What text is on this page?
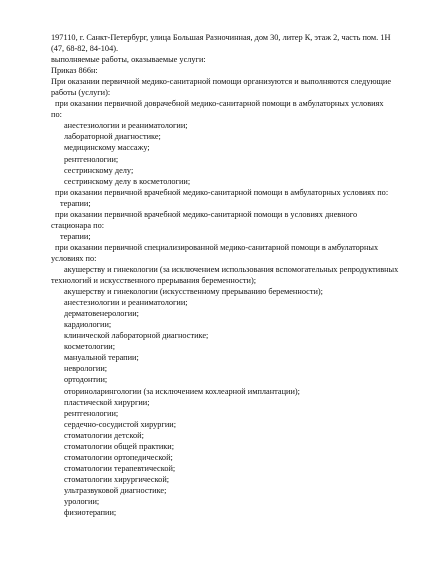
197110, г. Санкт-Петербург, улица Большая Разночинная, дом 30, литер К, этаж 2, часть пом. 1Н
(47, 68-82, 84-104).
выполняемые работы, оказываемые услуги:
Приказ 866н:
При оказании первичной медико-санитарной помощи организуются и выполняются следующие
работы (услуги):
при оказании первичной доврачебной медико-санитарной помощи в амбулаторных условиях
по:
анестезиологии и реаниматологии;
лабораторной диагностике;
медицинскому массажу;
рентгенологии;
сестринскому делу;
сестринскому делу в косметологии;
при оказании первичной врачебной медико-санитарной помощи в амбулаторных условиях по:
терапии;
при оказании первичной врачебной медико-санитарной помощи в условиях дневного
стационара по:
терапии;
при оказании первичной специализированной медико-санитарной помощи в амбулаторных
условиях по:
акушерству и гинекологии (за исключением использования вспомогательных репродуктивных
технологий и искусственного прерывания беременности);
акушерству и гинекологии (искусственному прерыванию беременности);
анестезиологии и реаниматологии;
дерматовенерологии;
кардиологии;
клинической лабораторной диагностике;
косметологии;
мануальной терапии;
неврологии;
ортодонтии;
оториноларингологии (за исключением кохлеарной имплантации);
пластической хирургии;
рентгенологии;
сердечно-сосудистой хирургии;
стоматологии детской;
стоматологии общей практики;
стоматологии ортопедической;
стоматологии терапевтической;
стоматологии хирургической;
ультразвуковой диагностике;
урологии;
физиотерапии;
